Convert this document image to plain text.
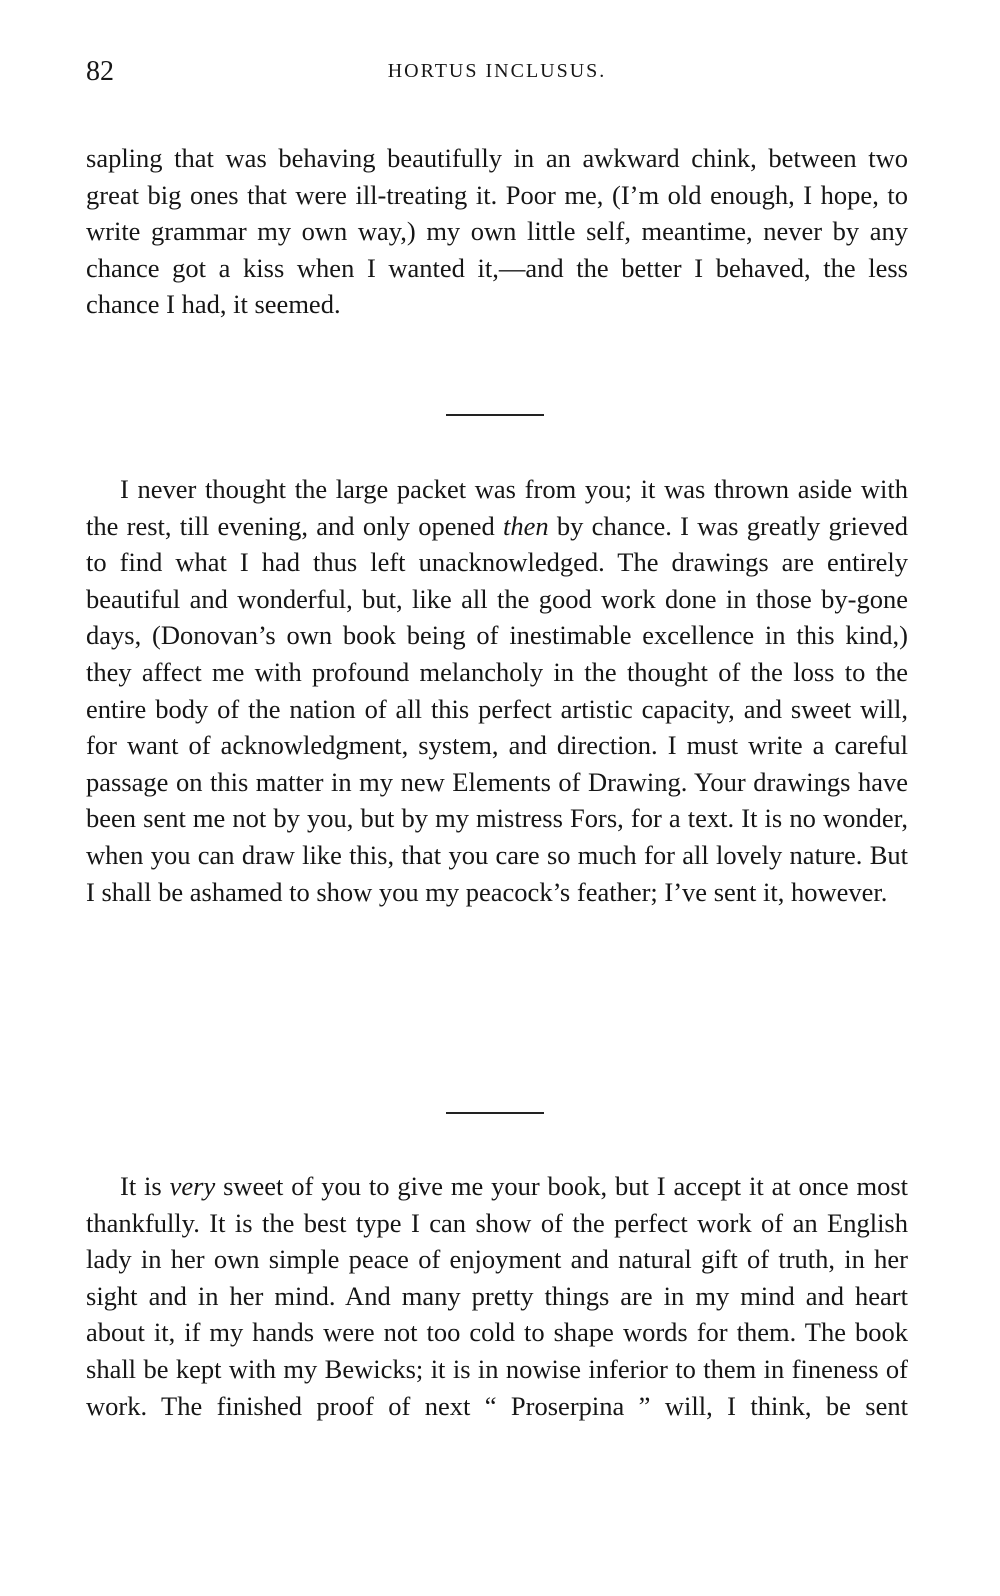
82	HORTUS INCLUSUS.

sapling that was behaving beautifully in an awkward chink, between two great big ones that were ill-treating it. Poor me, (I’m old enough, I hope, to write grammar my own way,) my own little self, meantime, never by any chance got a kiss when I wanted it,—and the better I behaved, the less chance I had, it seemed.

I never thought the large packet was from you; it was thrown aside with the rest, till evening, and only opened then by chance. I was greatly grieved to find what I had thus left unacknowledged. The drawings are entirely beautiful and wonderful, but, like all the good work done in those by-gone days, (Donovan’s own book being of inestimable excellence in this kind,) they affect me with profound melancholy in the thought of the loss to the entire body of the nation of all this perfect artistic capacity, and sweet will, for want of acknowledgment, system, and direction. I must write a careful passage on this matter in my new Elements of Drawing. Your drawings have been sent me not by you, but by my mistress Fors, for a text. It is no wonder, when you can draw like this, that you care so much for all lovely nature. But I shall be ashamed to show you my peacock’s feather; I’ve sent it, however.

It is very sweet of you to give me your book, but I accept it at once most thankfully. It is the best type I can show of the perfect work of an English lady in her own simple peace of enjoyment and natural gift of truth, in her sight and in her mind. And many pretty things are in my mind and heart about it, if my hands were not too cold to shape words for them. The book shall be kept with my Bewicks; it is in nowise inferior to them in fineness of work. The finished proof of next “ Proserpina ” will, I think, be sent
